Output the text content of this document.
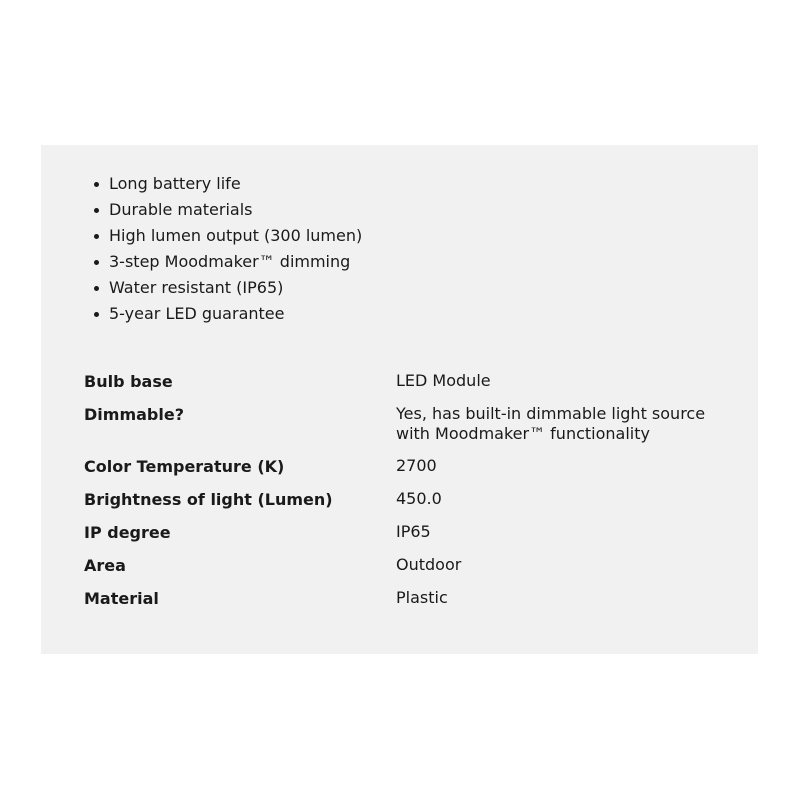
Long battery life
Durable materials
High lumen output (300 lumen)
3-step Moodmaker™ dimming
Water resistant (IP65)
5-year LED guarantee
Bulb base	LED Module
Dimmable?	Yes, has built-in dimmable light source with Moodmaker™ functionality
Color Temperature (K)	2700
Brightness of light (Lumen)	450.0
IP degree	IP65
Area	Outdoor
Material	Plastic
